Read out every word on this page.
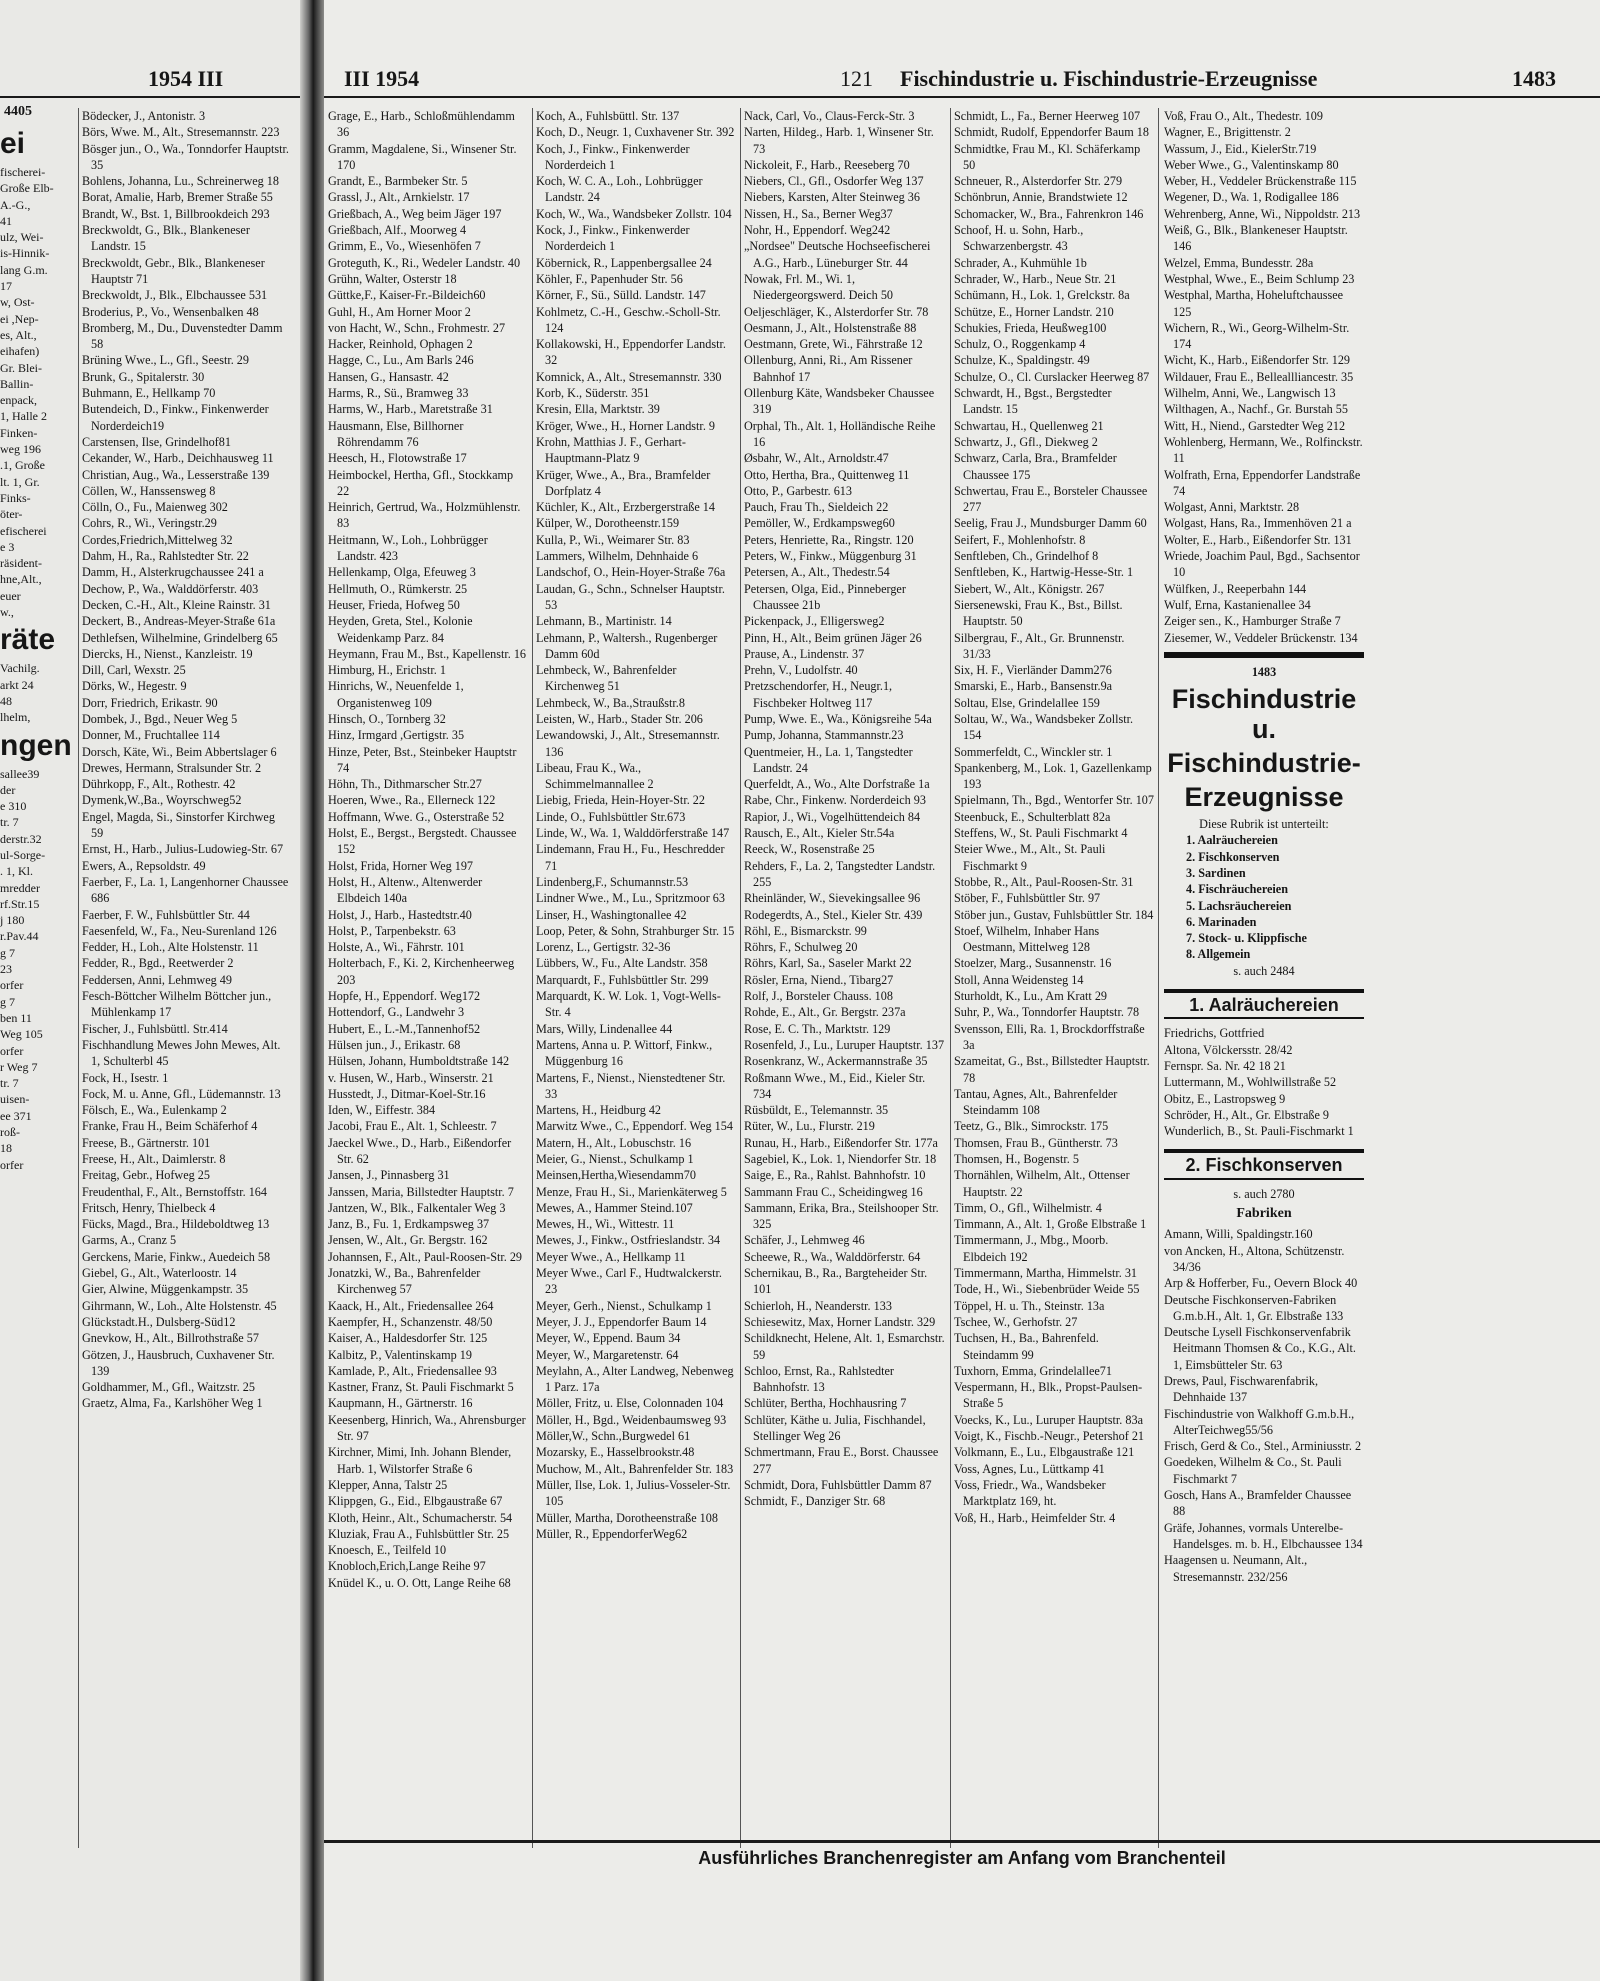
1954 III
4405

ei

fischerei-

Große Elb-

A.-G.,

41

ulz, Wei-

is-Hinnik-

lang G.m.

17

w, Ost-

ei ,Nep-

es, Alt.,

eihafen)

Gr. Blei-

Ballin-

enpack,

1, Halle 2

Finken-

weg 196

.1, Große

lt. 1, Gr.

Finks-

öter-

efischerei

e 3

räsident-

hne,Alt.,

euer

w.,

räte

Vachilg.

arkt 24

48

lhelm,

ngen

sallee39

der

e 310

tr. 7

derstr.32

ul-Sorge-

. 1, Kl.

mredder

rf.Str.15

j 180

r.Pav.44

g 7

23

orfer

g 7

ben 11

Weg 105

orfer

r Weg 7

tr. 7

uisen-

ee 371

roß-

18

orfer

Bödecker, J., Antonistr. 3

Börs, Wwe. M., Alt., Stresemannstr. 223

Bösger jun., O., Wa., Tonndorfer Hauptstr. 35

Bohlens, Johanna, Lu., Schreinerweg 18

Borat, Amalie, Harb, Bremer Straße 55

Brandt, W., Bst. 1, Billbrookdeich 293

Breckwoldt, G., Blk., Blankeneser Landstr. 15

Breckwoldt, Gebr., Blk., Blankeneser Hauptstr 71

Breckwoldt, J., Blk., Elbchaussee 531

Broderius, P., Vo., Wensenbalken 48

Bromberg, M., Du., Duvenstedter Damm 58

Brüning Wwe., L., Gfl., Seestr. 29

Brunk, G., Spitalerstr. 30

Buhmann, E., Hellkamp 70

Butendeich, D., Finkw., Finkenwerder Norderdeich19

Carstensen, Ilse, Grindelhof81

Cekander, W., Harb., Deichhausweg 11

Christian, Aug., Wa., Lesserstraße 139

Cöllen, W., Hanssensweg 8

Cölln, O., Fu., Maienweg 302

Cohrs, R., Wi., Veringstr.29

Cordes,Friedrich,Mittelweg 32

Dahm, H., Ra., Rahlstedter Str. 22

Damm, H., Alsterkrugchaussee 241 a

Dechow, P., Wa., Walddörferstr. 403

Decken, C.-H., Alt., Kleine Rainstr. 31

Deckert, B., Andreas-Meyer-Straße 61a

Dethlefsen, Wilhelmine, Grindelberg 65

Diercks, H., Nienst., Kanzleistr. 19

Dill, Carl, Wexstr. 25

Dörks, W., Hegestr. 9

Dorr, Friedrich, Erikastr. 90

Dombek, J., Bgd., Neuer Weg 5

Donner, M., Fruchtallee 114

Dorsch, Käte, Wi., Beim Abbertslager 6

Drewes, Hermann, Stralsunder Str. 2

Dührkopp, F., Alt., Rothestr. 42

Dymenk,W.,Ba., Woyrschweg52

Engel, Magda, Si., Sinstorfer Kirchweg 59

Ernst, H., Harb., Julius-Ludowieg-Str. 67

Ewers, A., Repsoldstr. 49

Faerber, F., La. 1, Langenhorner Chaussee 686

Faerber, F. W., Fuhlsbüttler Str. 44

Faesenfeld, W., Fa., Neu-Surenland 126

Fedder, H., Loh., Alte Holstenstr. 11

Fedder, R., Bgd., Reetwerder 2

Feddersen, Anni, Lehmweg 49

Fesch-Böttcher Wilhelm Böttcher jun., Mühlenkamp 17

Fischer, J., Fuhlsbüttl. Str.414

Fischhandlung Mewes John Mewes, Alt. 1, Schulterbl 45

Fock, H., Isestr. 1

Fock, M. u. Anne, Gfl., Lüdemannstr. 13

Fölsch, E., Wa., Eulenkamp 2

Franke, Frau H., Beim Schäferhof 4

Freese, B., Gärtnerstr. 101

Freese, H., Alt., Daimlerstr. 8

Freitag, Gebr., Hofweg 25

Freudenthal, F., Alt., Bernstoffstr. 164

Fritsch, Henry, Thielbeck 4

Fücks, Magd., Bra., Hildeboldtweg 13

Garms, A., Cranz 5

Gerckens, Marie, Finkw., Auedeich 58

Giebel, G., Alt., Waterloostr. 14

Gier, Alwine, Müggenkampstr. 35

Gihrmann, W., Loh., Alte Holstenstr. 45

Glückstadt.H., Dulsberg-Süd12

Gnevkow, H., Alt., Billrothstraße 57

Götzen, J., Hausbruch, Cuxhavener Str. 139

Goldhammer, M., Gfl., Waitzstr. 25

Graetz, Alma, Fa., Karlshöher Weg 1

III 1954	121 Fischindustrie u. Fischindustrie-Erzeugnisse	1483

Grage, E., Harb., Schloßmühlendamm 36

Gramm, Magdalene, Si., Winsener Str. 170

Grandt, E., Barmbeker Str. 5

Grassl, J., Alt., Arnkielstr. 17

Grießbach, A., Weg beim Jäger 197

Grießbach, Alf., Moorweg 4

Grimm, E., Vo., Wiesenhöfen 7

Groteguth, K., Ri., Wedeler Landstr. 40

Grühn, Walter, Osterstr 18

Güttke,F., Kaiser-Fr.-Bildeich60

Guhl, H., Am Horner Moor 2

von Hacht, W., Schn., Frohmestr. 27

Hacker, Reinhold, Ophagen 2

Hagge, C., Lu., Am Barls 246

Hansen, G., Hansastr. 42

Harms, R., Sü., Bramweg 33

Harms, W., Harb., Maretstraße 31

Hausmann, Else, Billhorner Röhrendamm 76

Heesch, H., Flotowstraße 17

Heimbockel, Hertha, Gfl., Stockkamp 22

Heinrich, Gertrud, Wa., Holzmühlenstr. 83

Heitmann, W., Loh., Lohbrügger Landstr. 423

Hellenkamp, Olga, Efeuweg 3

Hellmuth, O., Rümkerstr. 25

Heuser, Frieda, Hofweg 50

Heyden, Greta, Stel., Kolonie Weidenkamp Parz. 84

Heymann, Frau M., Bst., Kapellenstr. 16

Himburg, H., Erichstr. 1

Hinrichs, W., Neuenfelde 1, Organistenweg 109

Hinsch, O., Tornberg 32

Hinz, Irmgard ,Gertigstr. 35

Hinze, Peter, Bst., Steinbeker Hauptstr 74

Höhn, Th., Dithmarscher Str.27

Hoeren, Wwe., Ra., Ellerneck 122

Hoffmann, Wwe. G., Osterstraße 52

Holst, E., Bergst., Bergstedt. Chaussee 152

Holst, Frida, Horner Weg 197

Holst, H., Altenw., Altenwerder Elbdeich 140a

Holst, J., Harb., Hastedtstr.40

Holst, P., Tarpenbekstr. 63

Holste, A., Wi., Fährstr. 101

Holterbach, F., Ki. 2, Kirchenheerweg 203

Hopfe, H., Eppendorf. Weg172

Hottendorf, G., Landwehr 3

Hubert, E., L.-M.,Tannenhof52

Hülsen jun., J., Erikastr. 68

Hülsen, Johann, Humboldtstraße 142

v. Husen, W., Harb., Winserstr. 21

Husstedt, J., Ditmar-Koel-Str.16

Iden, W., Eiffestr. 384

Jacobi, Frau E., Alt. 1, Schleestr. 7

Jaeckel Wwe., D., Harb., Eißendorfer Str. 62

Jansen, J., Pinnasberg 31

Janssen, Maria, Billstedter Hauptstr. 7

Jantzen, W., Blk., Falkentaler Weg 3

Janz, B., Fu. 1, Erdkampsweg 37

Jensen, W., Alt., Gr. Bergstr. 162

Johannsen, F., Alt., Paul-Roosen-Str. 29

Jonatzki, W., Ba., Bahrenfelder Kirchenweg 57

Kaack, H., Alt., Friedensallee 264

Kaempfer, H., Schanzenstr. 48/50

Kaiser, A., Haldesdorfer Str. 125

Kalbitz, P., Valentinskamp 19

Kamlade, P., Alt., Friedensallee 93

Kastner, Franz, St. Pauli Fischmarkt 5

Kaupmann, H., Gärtnerstr. 16

Keesenberg, Hinrich, Wa., Ahrensburger Str. 97

Kirchner, Mimi, Inh. Johann Blender, Harb. 1, Wilstorfer Straße 6

Klepper, Anna, Talstr 25

Klippgen, G., Eid., Elbgaustraße 67

Kloth, Heinr., Alt., Schumacherstr. 54

Kluziak, Frau A., Fuhlsbüttler Str. 25

Knoesch, E., Teilfeld 10

Knobloch,Erich,Lange Reihe 97

Knüdel K., u. O. Ott, Lange Reihe 68

Koch, A., Fuhlsbüttl. Str. 137

Koch, D., Neugr. 1, Cuxhavener Str. 392

Koch, J., Finkw., Finkenwerder Norderdeich 1

Koch, W. C. A., Loh., Lohbrügger Landstr. 24

Koch, W., Wa., Wandsbeker Zollstr. 104

Kock, J., Finkw., Finkenwerder Norderdeich 1

Köbernick, R., Lappenbergsallee 24

Köhler, F., Papenhuder Str. 56

Körner, F., Sü., Sülld. Landstr. 147

Kohlmetz, C.-H., Geschw.-Scholl-Str. 124

Kollakowski, H., Eppendorfer Landstr. 32

Komnick, A., Alt., Stresemannstr. 330

Korb, K., Süderstr. 351

Kresin, Ella, Marktstr. 39

Kröger, Wwe., H., Horner Landstr. 9

Krohn, Matthias J. F., Gerhart-Hauptmann-Platz 9

Krüger, Wwe., A., Bra., Bramfelder Dorfplatz 4

Küchler, K., Alt., Erzbergerstraße 14

Külper, W., Dorotheenstr.159

Kulla, P., Wi., Weimarer Str. 83

Lammers, Wilhelm, Dehnhaide 6

Landschof, O., Hein-Hoyer-Straße 76a

Laudan, G., Schn., Schnelser Hauptstr. 53

Lehmann, B., Martinistr. 14

Lehmann, P., Waltersh., Rugenberger Damm 60d

Lehmbeck, W., Bahrenfelder Kirchenweg 51

Lehmbeck, W., Ba.,Straußstr.8

Leisten, W., Harb., Stader Str. 206

Lewandowski, J., Alt., Stresemannstr. 136

Libeau, Frau K., Wa., Schimmelmannallee 2

Liebig, Frieda, Hein-Hoyer-Str. 22

Linde, O., Fuhlsbüttler Str.673

Linde, W., Wa. 1, Walddörferstraße 147

Lindemann, Frau H., Fu., Heschredder 71

Lindenberg,F., Schumannstr.53

Lindner Wwe., M., Lu., Spritzmoor 63

Linser, H., Washingtonallee 42

Loop, Peter, & Sohn, Strahburger Str. 15

Lorenz, L., Gertigstr. 32-36

Lübbers, W., Fu., Alte Landstr. 358

Marquardt, F., Fuhlsbüttler Str. 299

Marquardt, K. W. Lok. 1, Vogt-Wells-Str. 4

Mars, Willy, Lindenallee 44

Martens, Anna u. P. Wittorf, Finkw., Müggenburg 16

Martens, F., Nienst., Nienstedtener Str. 33

Martens, H., Heidburg 42

Marwitz Wwe., C., Eppendorf. Weg 154

Matern, H., Alt., Lobuschstr. 16

Meier, G., Nienst., Schulkamp 1

Meinsen,Hertha,Wiesendamm70

Menze, Frau H., Si., Marienkäterweg 5

Mewes, A., Hammer Steind.107

Mewes, H., Wi., Wittestr. 11

Mewes, J., Finkw., Ostfrieslandstr. 34

Meyer Wwe., A., Hellkamp 11

Meyer Wwe., Carl F., Hudtwalckerstr. 23

Meyer, Gerh., Nienst., Schulkamp 1

Meyer, J. J., Eppendorfer Baum 14

Meyer, W., Eppend. Baum 34

Meyer, W., Margaretenstr. 64

Meylahn, A., Alter Landweg, Nebenweg 1 Parz. 17a

Möller, Fritz, u. Else, Colonnaden 104

Möller, H., Bgd., Weidenbaumsweg 93

Möller,W., Schn.,Burgwedel 61

Mozarsky, E., Hasselbrookstr.48

Muchow, M., Alt., Bahrenfelder Str. 183

Müller, Ilse, Lok. 1, Julius-Vosseler-Str. 105

Müller, Martha, Dorotheenstraße 108

Müller, R., EppendorferWeg62

Nack, Carl, Vo., Claus-Ferck-Str. 3

Narten, Hildeg., Harb. 1, Winsener Str. 73

Nickoleit, F., Harb., Reeseberg 70

Niebers, Cl., Gfl., Osdorfer Weg 137

Niebers, Karsten, Alter Steinweg 36

Nissen, H., Sa., Berner Weg37

Nohr, H., Eppendorf. Weg242

„Nordsee" Deutsche Hochseefischerei A.G., Harb., Lüneburger Str. 44

Nowak, Frl. M., Wi. 1, Niedergeorgswerd. Deich 50

Oeljeschläger, K., Alsterdorfer Str. 78

Oesmann, J., Alt., Holstenstraße 88

Oestmann, Grete, Wi., Fährstraße 12

Ollenburg, Anni, Ri., Am Rissener Bahnhof 17

Ollenburg Käte, Wandsbeker Chaussee 319

Orphal, Th., Alt. 1, Holländische Reihe 16

Øsbahr, W., Alt., Arnoldstr.47

Otto, Hertha, Bra., Quittenweg 11

Otto, P., Garbestr. 613

Pauch, Frau Th., Sieldeich 22

Pemöller, W., Erdkampsweg60

Peters, Henriette, Ra., Ringstr. 120

Peters, W., Finkw., Müggenburg 31

Petersen, A., Alt., Thedestr.54

Petersen, Olga, Eid., Pinneberger Chaussee 21b

Pickenpack, J., Elligersweg2

Pinn, H., Alt., Beim grünen Jäger 26

Prause, A., Lindenstr. 37

Prehn, V., Ludolfstr. 40

Pretzschendorfer, H., Neugr.1, Fischbeker Holtweg 117

Pump, Wwe. E., Wa., Königsreihe 54a

Pump, Johanna, Stammannstr.23

Quentmeier, H., La. 1, Tangstedter Landstr. 24

Querfeldt, A., Wo., Alte Dorfstraße 1a

Rabe, Chr., Finkenw. Norderdeich 93

Rapior, J., Wi., Vogelhüttendeich 84

Rausch, E., Alt., Kieler Str.54a

Reeck, W., Rosenstraße 25

Rehders, F., La. 2, Tangstedter Landstr. 255

Rheinländer, W., Sievekingsallee 96

Rodegerdts, A., Stel., Kieler Str. 439

Röhl, E., Bismarckstr. 99

Röhrs, F., Schulweg 20

Röhrs, Karl, Sa., Saseler Markt 22

Rösler, Erna, Niend., Tibarg27

Rolf, J., Borsteler Chauss. 108

Rohde, E., Alt., Gr. Bergstr. 237a

Rose, E. C. Th., Marktstr. 129

Rosenfeld, J., Lu., Luruper Hauptstr. 137

Rosenkranz, W., Ackermannstraße 35

Roßmann Wwe., M., Eid., Kieler Str. 734

Rüsbüldt, E., Telemannstr. 35

Rüter, W., Lu., Flurstr. 219

Runau, H., Harb., Eißendorfer Str. 177a

Sagebiel, K., Lok. 1, Niendorfer Str. 18

Saige, E., Ra., Rahlst. Bahnhofstr. 10

Sammann Frau C., Scheidingweg 16

Sammann, Erika, Bra., Steilshooper Str. 325

Schäfer, J., Lehmweg 46

Scheewe, R., Wa., Walddörferstr. 64

Schernikau, B., Ra., Bargteheider Str. 101

Schierloh, H., Neanderstr. 133

Schiesewitz, Max, Horner Landstr. 329

Schildknecht, Helene, Alt. 1, Esmarchstr. 59

Schloo, Ernst, Ra., Rahlstedter Bahnhofstr. 13

Schlüter, Bertha, Hochhausring 7

Schlüter, Käthe u. Julia, Fischhandel, Stellinger Weg 26

Schmertmann, Frau E., Borst. Chaussee 277

Schmidt, Dora, Fuhlsbüttler Damm 87

Schmidt, F., Danziger Str. 68

Schmidt, L., Fa., Berner Heerweg 107

Schmidt, Rudolf, Eppendorfer Baum 18

Schmidtke, Frau M., Kl. Schäferkamp 50

Schneuer, R., Alsterdorfer Str. 279

Schönbrun, Annie, Brandstwiete 12

Schomacker, W., Bra., Fahrenkron 146

Schoof, H. u. Sohn, Harb., Schwarzenbergstr. 43

Schrader, A., Kuhmühle 1b

Schrader, W., Harb., Neue Str. 21

Schümann, H., Lok. 1, Grelckstr. 8a

Schütze, E., Horner Landstr. 210

Schukies, Frieda, Heußweg100

Schulz, O., Roggenkamp 4

Schulze, K., Spaldingstr. 49

Schulze, O., Cl. Curslacker Heerweg 87

Schwardt, H., Bgst., Bergstedter Landstr. 15

Schwartau, H., Quellenweg 21

Schwartz, J., Gfl., Diekweg 2

Schwarz, Carla, Bra., Bramfelder Chaussee 175

Schwertau, Frau E., Borsteler Chaussee 277

Seelig, Frau J., Mundsburger Damm 60

Seifert, F., Mohlenhofstr. 8

Senftleben, Ch., Grindelhof 8

Senftleben, K., Hartwig-Hesse-Str. 1

Siebert, W., Alt., Königstr. 267

Siersenewski, Frau K., Bst., Billst. Hauptstr. 50

Silbergrau, F., Alt., Gr. Brunnenstr. 31/33

Six, H. F., Vierländer Damm276

Smarski, E., Harb., Bansenstr.9a

Soltau, Else, Grindelallee 159

Soltau, W., Wa., Wandsbeker Zollstr. 154

Sommerfeldt, C., Winckler str. 1

Spankenberg, M., Lok. 1, Gazellenkamp 193

Spielmann, Th., Bgd., Wentorfer Str. 107

Steenbuck, E., Schulterblatt 82a

Steffens, W., St. Pauli Fischmarkt 4

Steier Wwe., M., Alt., St. Pauli Fischmarkt 9

Stobbe, R., Alt., Paul-Roosen-Str. 31

Stöber, F., Fuhlsbüttler Str. 97

Stöber jun., Gustav, Fuhlsbüttler Str. 184

Stoef, Wilhelm, Inhaber Hans Oestmann, Mittelweg 128

Stoelzer, Marg., Susannenstr. 16

Stoll, Anna Weidensteg 14

Sturholdt, K., Lu., Am Kratt 29

Suhr, P., Wa., Tonndorfer Hauptstr. 78

Svensson, Elli, Ra. 1, Brockdorffstraße 3a

Szameitat, G., Bst., Billstedter Hauptstr. 78

Tantau, Agnes, Alt., Bahrenfelder Steindamm 108

Teetz, G., Blk., Simrockstr. 175

Thomsen, Frau B., Güntherstr. 73

Thomsen, H., Bogenstr. 5

Thornählen, Wilhelm, Alt., Ottenser Hauptstr. 22

Timm, O., Gfl., Wilhelmistr. 4

Timmann, A., Alt. 1, Große Elbstraße 1

Timmermann, J., Mbg., Moorb. Elbdeich 192

Timmermann, Martha, Himmelstr. 31

Tode, H., Wi., Siebenbrüder Weide 55

Töppel, H. u. Th., Steinstr. 13a

Tschee, W., Gerhofstr. 27

Tuchsen, H., Ba., Bahrenfeld. Steindamm 99

Tuxhorn, Emma, Grindelallee71

Vespermann, H., Blk., Propst-Paulsen-Straße 5

Voecks, K., Lu., Luruper Hauptstr. 83a

Voigt, K., Fischb.-Neugr., Petershof 21

Volkmann, E., Lu., Elbgaustraße 121

Voss, Agnes, Lu., Lüttkamp 41

Voss, Friedr., Wa., Wandsbeker Marktplatz 169, ht.

Voß, H., Harb., Heimfelder Str. 4

Voß, Frau O., Alt., Thedestr. 109

Wagner, E., Brigittenstr. 2

Wassum, J., Eid., KielerStr.719

Weber Wwe., G., Valentinskamp 80

Weber, H., Veddeler Brückenstraße 115

Wegener, D., Wa. 1, Rodigallee 186

Wehrenberg, Anne, Wi., Nippoldstr. 213

Weiß, G., Blk., Blankeneser Hauptstr. 146

Welzel, Emma, Bundesstr. 28a

Westphal, Wwe., E., Beim Schlump 23

Westphal, Martha, Hoheluftchaussee 125

Wichern, R., Wi., Georg-Wilhelm-Str. 174

Wicht, K., Harb., Eißendorfer Str. 129

Wildauer, Frau E., Belleallliancestr. 35

Wilhelm, Anni, We., Langwisch 13

Wilthagen, A., Nachf., Gr. Burstah 55

Witt, H., Niend., Garstedter Weg 212

Wohlenberg, Hermann, We., Rolfinckstr. 11

Wolfrath, Erna, Eppendorfer Landstraße 74

Wolgast, Anni, Marktstr. 28

Wolgast, Hans, Ra., Immenhöven 21 a

Wolter, E., Harb., Eißendorfer Str. 131

Wriede, Joachim Paul, Bgd., Sachsentor 10

Wülfken, J., Reeperbahn 144

Wulf, Erna, Kastanienallee 34

Zeiger sen., K., Hamburger Straße 7

Ziesemer, W., Veddeler Brückenstr. 134

1483

Fischindustrie u.
Fischindustrie-
Erzeugnisse

Diese Rubrik ist unterteilt:

1. Aalräuchereien

2. Fischkonserven

3. Sardinen

4. Fischräuchereien

5. Lachsräuchereien

6. Marinaden

7. Stock- u. Klippfische

8. Allgemein

s. auch 2484

1. Aalräuchereien

Friedrichs, Gottfried

Altona, Völckersstr. 28/42

Fernspr. Sa. Nr. 42 18 21

Luttermann, M., Wohlwillstraße 52

Obitz, E., Lastropsweg 9

Schröder, H., Alt., Gr. Elbstraße 9

Wunderlich, B., St. Pauli-Fischmarkt 1

2. Fischkonserven

s. auch 2780

Fabriken

Amann, Willi, Spaldingstr.160

von Ancken, H., Altona, Schützenstr. 34/36

Arp & Hofferber, Fu., Oevern Block 40

Deutsche Fischkonserven-Fabriken G.m.b.H., Alt. 1, Gr. Elbstraße 133

Deutsche Lysell Fischkonservenfabrik Heitmann Thomsen & Co., K.G., Alt. 1, Eimsbütteler Str. 63

Drews, Paul, Fischwarenfabrik, Dehnhaide 137

Fischindustrie von Walkhoff G.m.b.H., AlterTeichweg55/56

Frisch, Gerd & Co., Stel., Arminiusstr. 2

Goedeken, Wilhelm & Co., St. Pauli Fischmarkt 7

Gosch, Hans A., Bramfelder Chaussee 88

Gräfe, Johannes, vormals Unterelbe-Handelsges. m. b. H., Elbchaussee 134

Haagensen u. Neumann, Alt., Stresemannstr. 232/256

Ausführliches Branchenregister am Anfang vom Branchenteil
